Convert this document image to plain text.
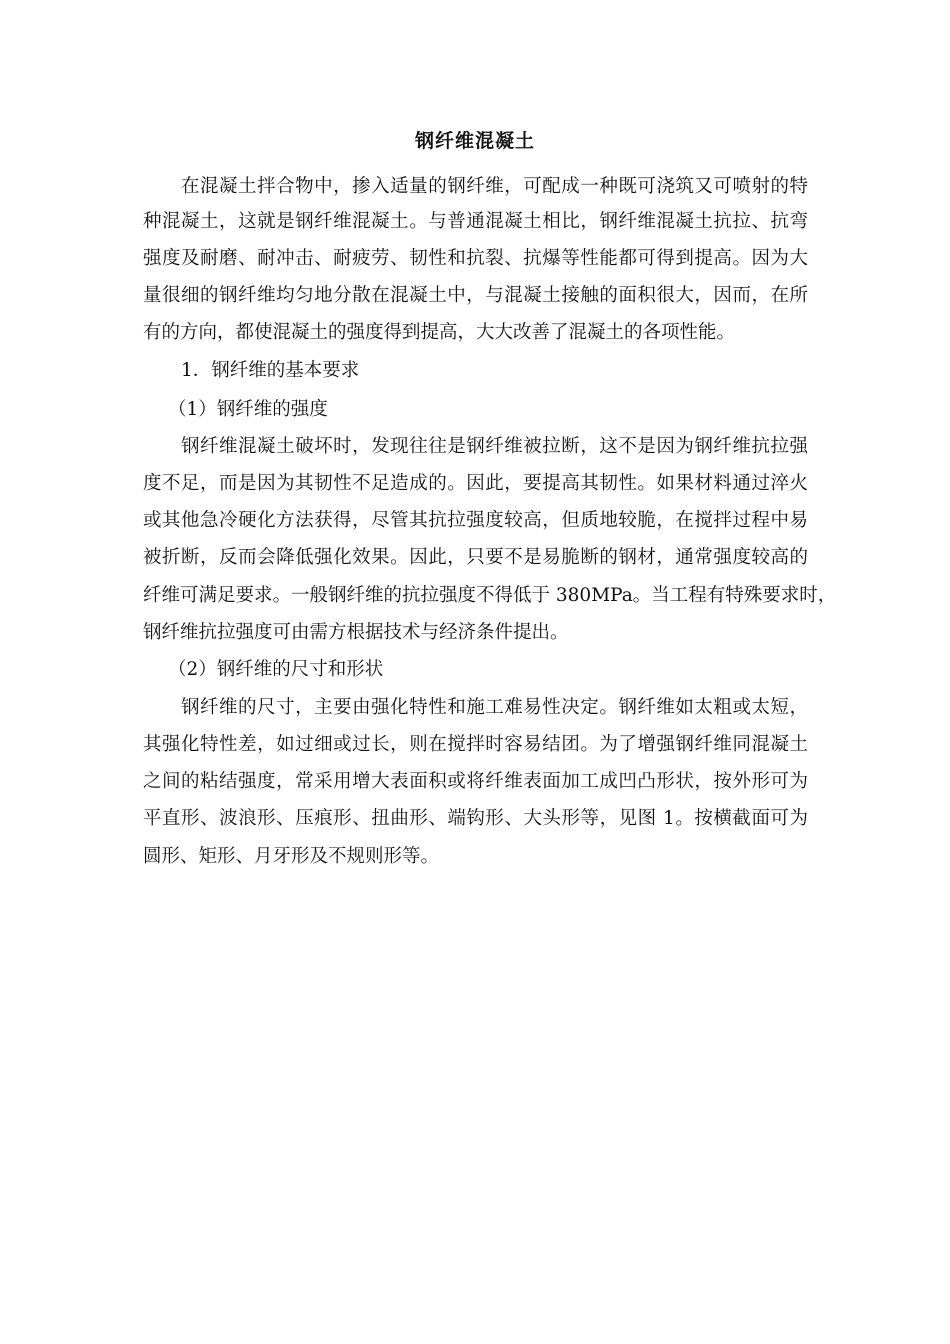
钢纤维混凝土
在混凝土拌合物中，掺入适量的钢纤维，可配成一种既可浇筑又可喷射的特
种混凝土，这就是钢纤维混凝土。与普通混凝土相比，钢纤维混凝土抗拉、抗弯
强度及耐磨、耐冲击、耐疲劳、韧性和抗裂、抗爆等性能都可得到提高。因为大
量很细的钢纤维均匀地分散在混凝土中，与混凝土接触的面积很大，因而，在所
有的方向，都使混凝土的强度得到提高，大大改善了混凝土的各项性能。
1．钢纤维的基本要求
（1）钢纤维的强度
钢纤维混凝土破坏时，发现往往是钢纤维被拉断，这不是因为钢纤维抗拉强
度不足，而是因为其韧性不足造成的。因此，要提高其韧性。如果材料通过淬火
或其他急冷硬化方法获得，尽管其抗拉强度较高，但质地较脆，在搅拌过程中易
被折断，反而会降低强化效果。因此，只要不是易脆断的钢材，通常强度较高的
纤维可满足要求。一般钢纤维的抗拉强度不得低于 380MPa。当工程有特殊要求时，
钢纤维抗拉强度可由需方根据技术与经济条件提出。
（2）钢纤维的尺寸和形状
钢纤维的尺寸，主要由强化特性和施工难易性决定。钢纤维如太粗或太短，
其强化特性差，如过细或过长，则在搅拌时容易结团。为了增强钢纤维同混凝土
之间的粘结强度，常采用增大表面积或将纤维表面加工成凹凸形状，按外形可为
平直形、波浪形、压痕形、扭曲形、端钩形、大头形等，见图 1。按横截面可为
圆形、矩形、月牙形及不规则形等。
